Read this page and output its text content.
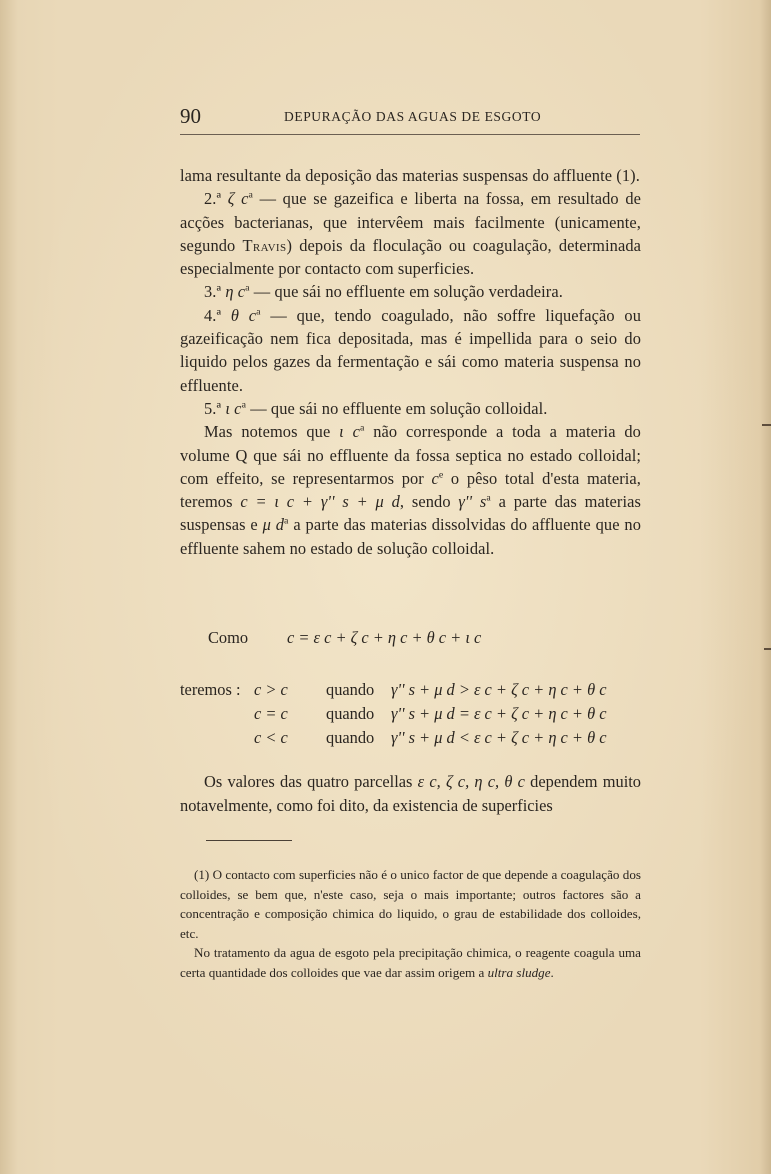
90	DEPURAÇÃO DAS AGUAS DE ESGOTO

lama resultante da deposição das materias suspensas do affluente (1).

2.ª ζ $c^a$ — que se gazeifica e liberta na fossa, em resultado de acções bacterianas, que intervêem mais facilmente (unicamente, segundo Travis) depois da floculação ou coagulação, determinada especialmente por contacto com superficies.

3.ª η $c^a$ — que sái no effluente em solução verdadeira.

4.ª θ $c^a$ — que, tendo coagulado, não soffre liquefação ou gazeificação nem fica depositada, mas é impellida para o seio do liquido pelos gazes da fermentação e sái como materia suspensa no effluente.

5.ª ι $c^a$ — que sái no effluente em solução colloidal.

Mas notemos que ι $c^a$ não corresponde a toda a materia do volume Q que sái no effluente da fossa septica no estado colloidal; com effeito, se representarmos por $c^e$ o pêso total d'esta materia, teremos c = ι c + γ'' s + μ d, sendo γ'' $s^a$ a parte das materias suspensas e μ $d^a$ a parte das materias dissolvidas do affluente que no effluente sahem no estado de solução colloidal.

Como c = ε c + ζ c + η c + θ c + ι c
teremos : c > c quando γ'' s + μ d > ε c + ζ c + η c + θ c
c = c quando γ'' s + μ d = ε c + ζ c + η c + θ c
c < c quando γ'' s + μ d < ε c + ζ c + η c + θ c

Os valores das quatro parcellas ε c, ζ c, η c, θ c dependem muito notavelmente, como foi dito, da existencia de superficies

(1) O contacto com superficies não é o unico factor de que depende a coagulação dos colloides, se bem que, n'este caso, seja o mais importante; outros factores são a concentração e composição chimica do liquido, o grau de estabilidade dos colloides, etc.

No tratamento da agua de esgoto pela precipitação chimica, o reagente coagula uma certa quantidade dos colloides que vae dar assim origem a ultra sludge.
